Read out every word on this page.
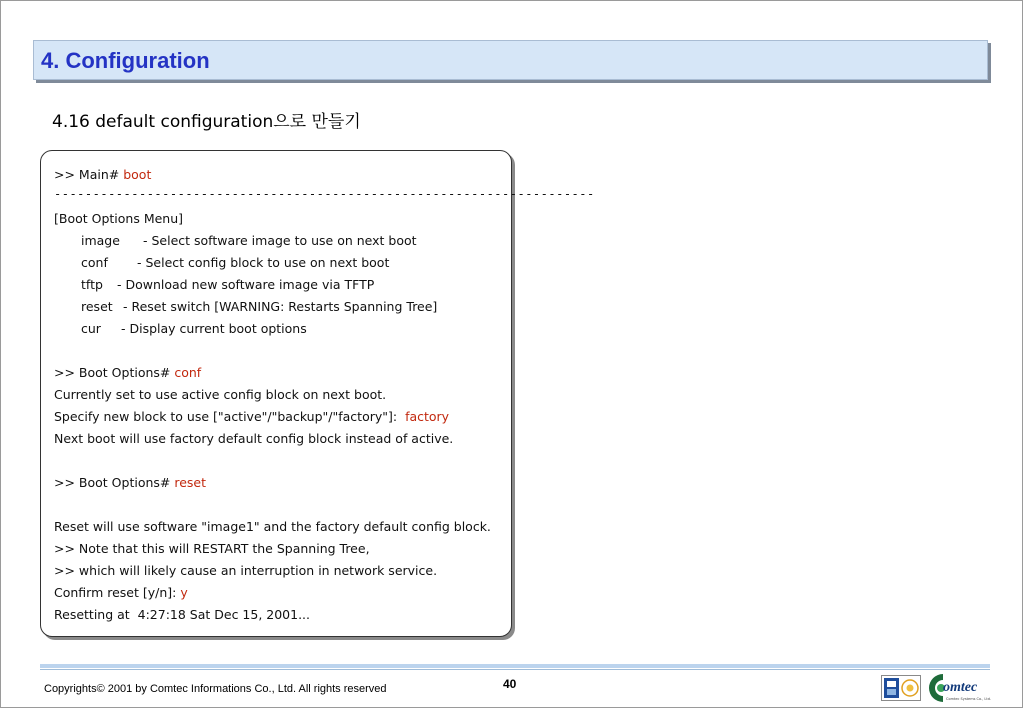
4. Configuration
4.16 default configuration으로 만들기
>> Main# boot
----------------------------------------------------------------------
[Boot Options Menu]
image - Select software image to use on next boot
conf - Select config block to use on next boot
tftp - Download new software image via TFTP
reset - Reset switch [WARNING: Restarts Spanning Tree]
cur - Display current boot options
>> Boot Options# conf
Currently set to use active config block on next boot.
Specify new block to use ["active"/"backup"/"factory"]:  factory
Next boot will use factory default config block instead of active.
>> Boot Options# reset
Reset will use software "image1" and the factory default config block.
>> Note that this will RESTART the Spanning Tree,
>> which will likely cause an interruption in network service.
Confirm reset [y/n]: y
Resetting at  4:27:18 Sat Dec 15, 2001...
Copyrights© 2001 by Comtec Informations Co., Ltd. All rights reserved	40	omtec
Comtec Systems Co., Ltd.
